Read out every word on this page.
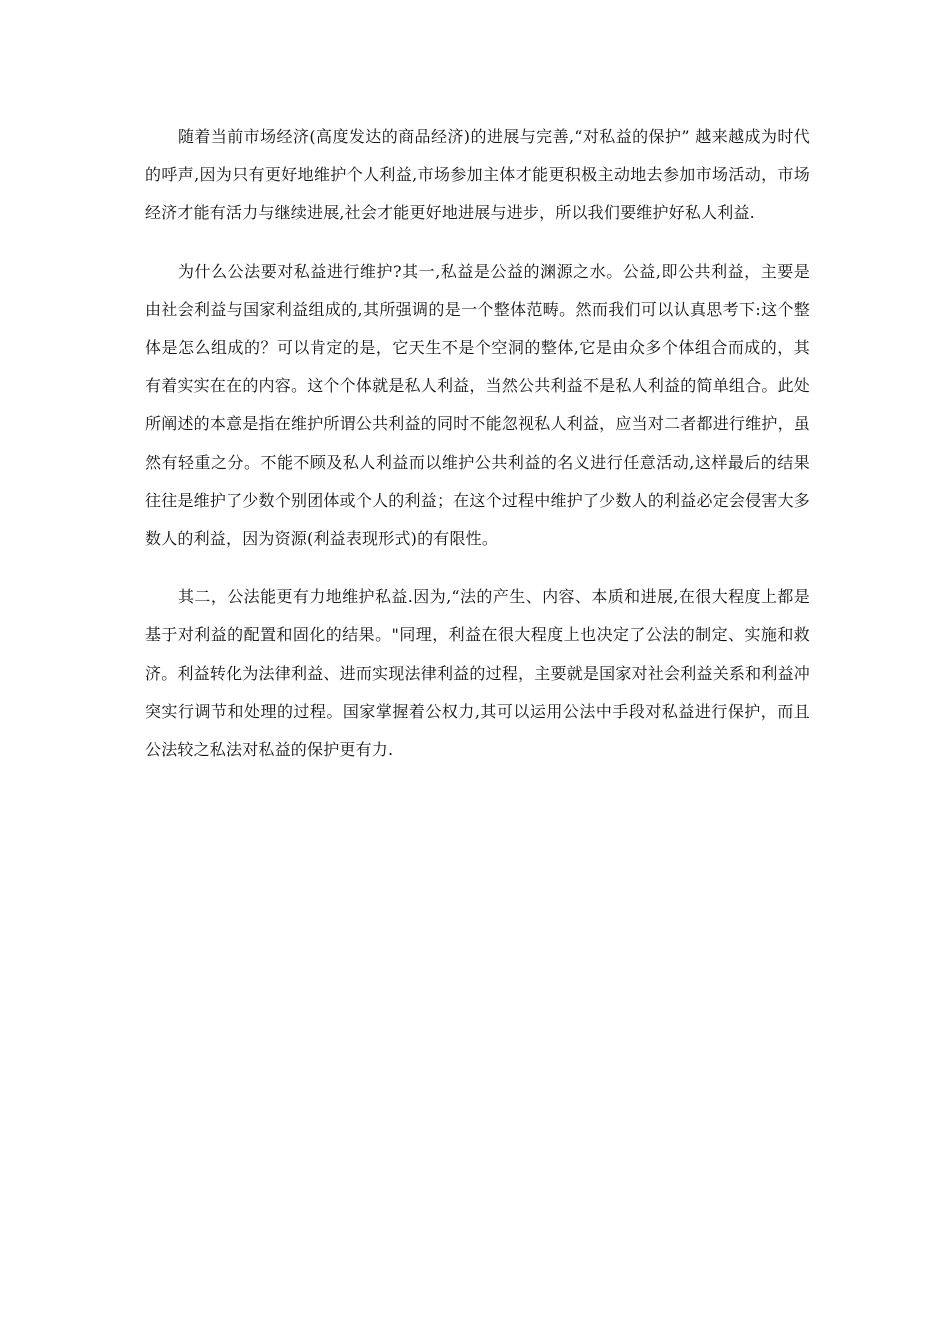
随着当前市场经济(高度发达的商品经济)的进展与完善,“对私益的保护” 越来越成为时代的呼声,因为只有更好地维护个人利益,市场参加主体才能更积极主动地去参加市场活动，市场经济才能有活力与继续进展,社会才能更好地进展与进步，所以我们要维护好私人利益.

为什么公法要对私益进行维护?其一,私益是公益的渊源之水。公益,即公共利益，主要是由社会利益与国家利益组成的,其所强调的是一个整体范畴。然而我们可以认真思考下:这个整体是怎么组成的？可以肯定的是，它天生不是个空洞的整体,它是由众多个体组合而成的，其有着实实在在的内容。这个个体就是私人利益，当然公共利益不是私人利益的简单组合。此处所阐述的本意是指在维护所谓公共利益的同时不能忽视私人利益，应当对二者都进行维护，虽然有轻重之分。不能不顾及私人利益而以维护公共利益的名义进行任意活动,这样最后的结果往往是维护了少数个别团体或个人的利益；在这个过程中维护了少数人的利益必定会侵害大多数人的利益，因为资源(利益表现形式)的有限性。

其二，公法能更有力地维护私益.因为,“法的产生、内容、本质和进展,在很大程度上都是基于对利益的配置和固化的结果。"同理，利益在很大程度上也决定了公法的制定、实施和救济。利益转化为法律利益、进而实现法律利益的过程，主要就是国家对社会利益关系和利益冲突实行调节和处理的过程。国家掌握着公权力,其可以运用公法中手段对私益进行保护，而且公法较之私法对私益的保护更有力.
